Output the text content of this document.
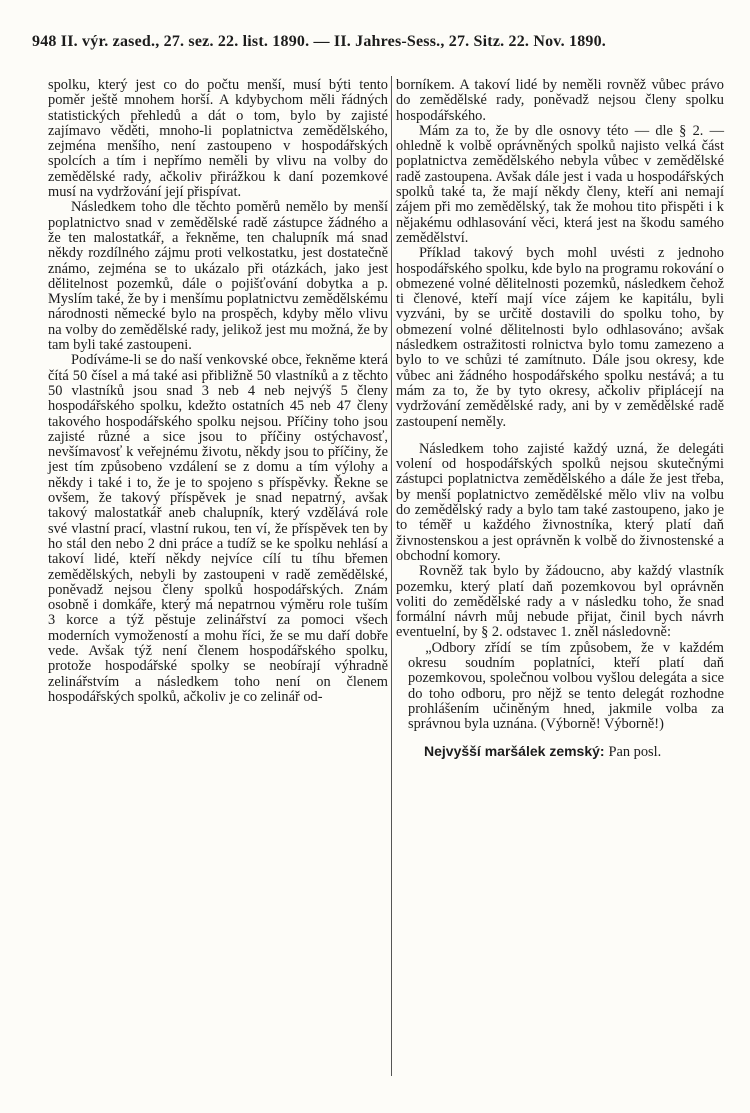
948 II. výr. zased., 27. sez. 22. list. 1890. — II. Jahres-Sess., 27. Sitz. 22. Nov. 1890.

spolku, který jest co do počtu menší, musí býti tento poměr ještě mnohem horší. A kdybychom měli řádných statistických přehledů a dát o tom, bylo by zajisté zajímavo věděti, mnoho-li poplatnictva zemědělského, zejména menšího, není zastoupeno v hospodářských spolcích a tím i nepřímo neměli by vlivu na volby do zemědělské rady, ačkoliv přirážkou k daní pozemkové musí na vydržování její přispívat.

Následkem toho dle těchto poměrů nemělo by menší poplatnictvo snad v zemědělské radě zástupce žádného a že ten malostatkář, a řekněme, ten chalupník má snad někdy rozdílného zájmu proti velkostatku, jest dostatečně známo, zejména se to ukázalo při otázkách, jako jest dělitelnost pozemků, dále o pojišťování dobytka a p. Myslím také, že by i menšímu poplatnictvu zemědělskému národnosti německé bylo na prospěch, kdyby mělo vlivu na volby do zemědělské rady, jelikož jest mu možná, že by tam byli také zastoupeni.

Podíváme-li se do naší venkovské obce, řekněme která čítá 50 čísel a má také asi přibližně 50 vlastníků a z těchto 50 vlastníků jsou snad 3 neb 4 neb nejvýš 5 členy hospodářského spolku, kdežto ostatních 45 neb 47 členy takového hospodářského spolku nejsou. Příčiny toho jsou zajisté různé a sice jsou to příčiny ostýchavosť, nevšímavosť k veřejnému životu, někdy jsou to příčiny, že jest tím způsobeno vzdálení se z domu a tím výlohy a někdy i také i to, že je to spojeno s příspěvky. Řekne se ovšem, že takový příspěvek je snad nepatrný, avšak takový malostatkář aneb chalupník, který vzdělává role své vlastní prací, vlastní rukou, ten ví, že příspěvek ten by ho stál den nebo 2 dni práce a tudíž se ke spolku nehlásí a takoví lidé, kteří někdy nejvíce cílí tu tíhu břemen zemědělských, nebyli by zastoupeni v radě zemědělské, poněvadž nejsou členy spolků hospodářských. Znám osobně i domkáře, který má nepatrnou výměru role tuším 3 korce a týž pěstuje zelinářství za pomoci všech moderních vymožeností a mohu říci, že se mu daří dobře vede. Avšak týž není členem hospodářského spolku, protože hospodářské spolky se neobírají výhradně zelinářstvím a následkem toho není on členem hospodářských spolků, ačkoliv je co zelinář od-

borníkem. A takoví lidé by neměli rovněž vůbec právo do zemědělské rady, poněvadž nejsou členy spolku hospodářského.

Mám za to, že by dle osnovy této — dle § 2. — ohledně k volbě oprávněných spolků najisto velká část poplatnictva zemědělského nebyla vůbec v zemědělské radě zastoupena. Avšak dále jest i vada u hospodářských spolků také ta, že mají někdy členy, kteří ani nemají zájem při mo zemědělský, tak že mohou tito přispěti i k nějakému odhlasování věci, která jest na škodu samého zemědělství.

Příklad takový bych mohl uvésti z jednoho hospodářského spolku, kde bylo na programu rokování o obmezené volné dělitelnosti pozemků, následkem čehož ti členové, kteří mají více zájem ke kapitálu, byli vyzváni, by se určitě dostavili do spolku toho, by obmezení volné dělitelnosti bylo odhlasováno; avšak následkem ostražitosti rolnictva bylo tomu zamezeno a bylo to ve schůzi té zamítnuto. Dále jsou okresy, kde vůbec ani žádného hospodářského spolku nestává; a tu mám za to, že by tyto okresy, ačkoliv připlácejí na vydržování zemědělské rady, ani by v zemědělské radě zastoupení neměly.

Následkem toho zajisté každý uzná, že delegáti volení od hospodářských spolků nejsou skutečnými zástupci poplatnictva zemědělského a dále že jest třeba, by menší poplatnictvo zemědělské mělo vliv na volbu do zemědělský rady a bylo tam také zastoupeno, jako je to téměř u každého živnostníka, který platí daň živnostenskou a jest oprávněn k volbě do živnostenské a obchodní komory.

Rovněž tak bylo by žádoucno, aby každý vlastník pozemku, který platí daň pozemkovou byl oprávněn voliti do zemědělské rady a v následku toho, že snad formální návrh můj nebude přijat, činil bych návrh eventuelní, by § 2. odstavec 1. zněl následovně:

„Odbory zřídí se tím způsobem, že v každém okresu soudním poplatníci, kteří platí daň pozemkovou, společnou volbou vyšlou delegáta a sice do toho odboru, pro nějž se tento delegát rozhodne prohlášením učiněným hned, jakmile volba za správnou byla uznána. (Výborně! Výborně!)

Nejvyšší maršálek zemský: Pan posl.
